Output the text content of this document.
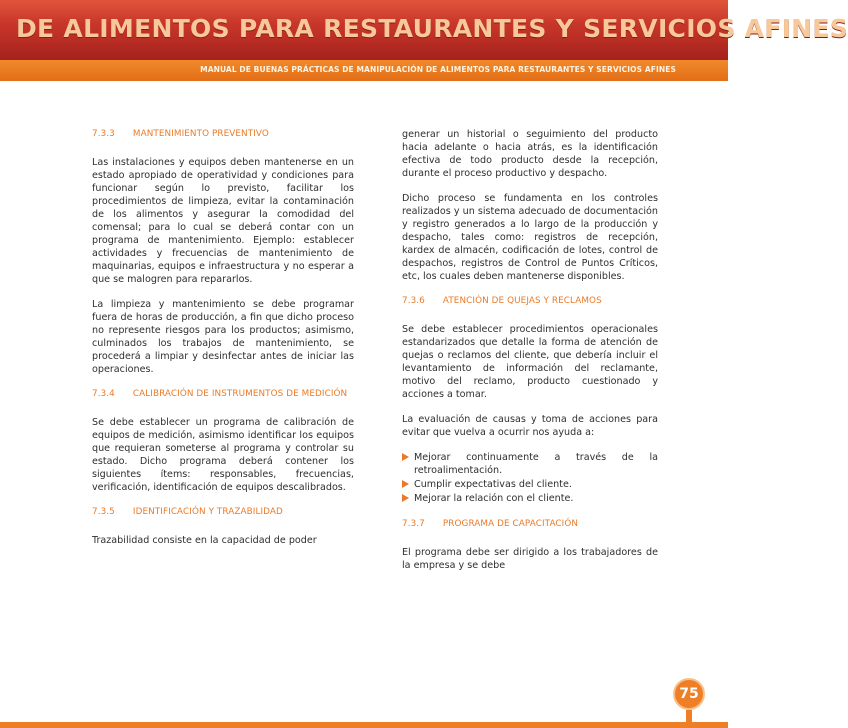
DE ALIMENTOS PARA RESTAURANTES Y SERVICIOS AFINES
MANUAL DE BUENAS PRÁCTICAS DE MANIPULACIÓN DE ALIMENTOS PARA RESTAURANTES Y SERVICIOS AFINES
7.3.3 MANTENIMIENTO PREVENTIVO

Las instalaciones y equipos deben mantenerse en un estado apropiado de operatividad y condiciones para funcionar según lo previsto, facilitar los procedimientos de limpieza, evitar la contaminación de los alimentos y asegurar la comodidad del comensal; para lo cual se deberá contar con un programa de mantenimiento. Ejemplo: establecer actividades y frecuencias de mantenimiento de maquinarias, equipos e infraestructura y no esperar a que se malogren para repararlos.

La limpieza y mantenimiento se debe programar fuera de horas de producción, a fin que dicho proceso no represente riesgos para los productos; asimismo, culminados los trabajos de mantenimiento, se procederá a limpiar y desinfectar antes de iniciar las operaciones.

7.3.4 CALIBRACIÓN DE INSTRUMENTOS DE MEDICIÓN

Se debe establecer un programa de calibración de equipos de medición, asimismo identificar los equipos que requieran someterse al programa y controlar su estado. Dicho programa deberá contener los siguientes ítems: responsables, frecuencias, verificación, identificación de equipos descalibrados.

7.3.5 IDENTIFICACIÓN Y TRAZABILIDAD

Trazabilidad consiste en la capacidad de poder

generar un historial o seguimiento del producto hacia adelante o hacia atrás, es la identificación efectiva de todo producto desde la recepción, durante el proceso productivo y despacho.

Dicho proceso se fundamenta en los controles realizados y un sistema adecuado de documentación y registro generados a lo largo de la producción y despacho, tales como: registros de recepción, kardex de almacén, codificación de lotes, control de despachos, registros de Control de Puntos Críticos, etc, los cuales deben mantenerse disponibles.

7.3.6 ATENCIÓN DE QUEJAS Y RECLAMOS

Se debe establecer procedimientos operacionales estandarizados que detalle la forma de atención de quejas o reclamos del cliente, que debería incluir el levantamiento de información del reclamante, motivo del reclamo, producto cuestionado y acciones a tomar.

La evaluación de causas y toma de acciones para evitar que vuelva a ocurrir nos ayuda a:

Mejorar continuamente a través de la retroalimentación.
Cumplir expectativas del cliente.
Mejorar la relación con el cliente.
7.3.7 PROGRAMA DE CAPACITACIÓN

El programa debe ser dirigido a los trabajadores de la empresa y se debe

75
